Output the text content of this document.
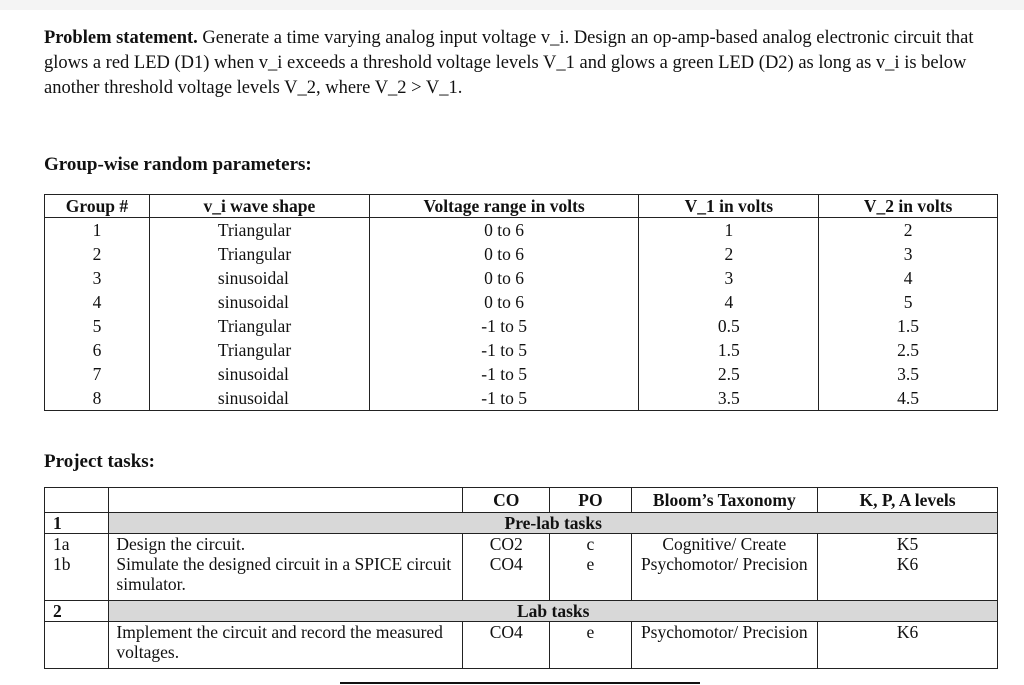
Problem statement. Generate a time varying analog input voltage v_i. Design an op-amp-based analog electronic circuit that glows a red LED (D1) when v_i exceeds a threshold voltage levels V_1 and glows a green LED (D2) as long as v_i is below another threshold voltage levels V_2, where V_2 > V_1.
Group-wise random parameters:
Group #	v_i wave shape	Voltage range in volts	V_1 in volts	V_2 in volts
1	Triangular	0 to 6	1	2
2	Triangular	0 to 6	2	3
3	sinusoidal	0 to 6	3	4
4	sinusoidal	0 to 6	4	5
5	Triangular	-1 to 5	0.5	1.5
6	Triangular	-1 to 5	1.5	2.5
7	sinusoidal	-1 to 5	2.5	3.5
8	sinusoidal	-1 to 5	3.5	4.5
Project tasks:
		CO	PO	Bloom’s Taxonomy	K, P, A levels
1	Pre-lab tasks				
1a	Design the circuit.	CO2	c	Cognitive/ Create	K5
1b	Simulate the designed circuit in a SPICE circuit simulator.	CO4	e	Psychomotor/ Precision	K6
2	Lab tasks				
	Implement the circuit and record the measured voltages.	CO4	e	Psychomotor/ Precision	K6
